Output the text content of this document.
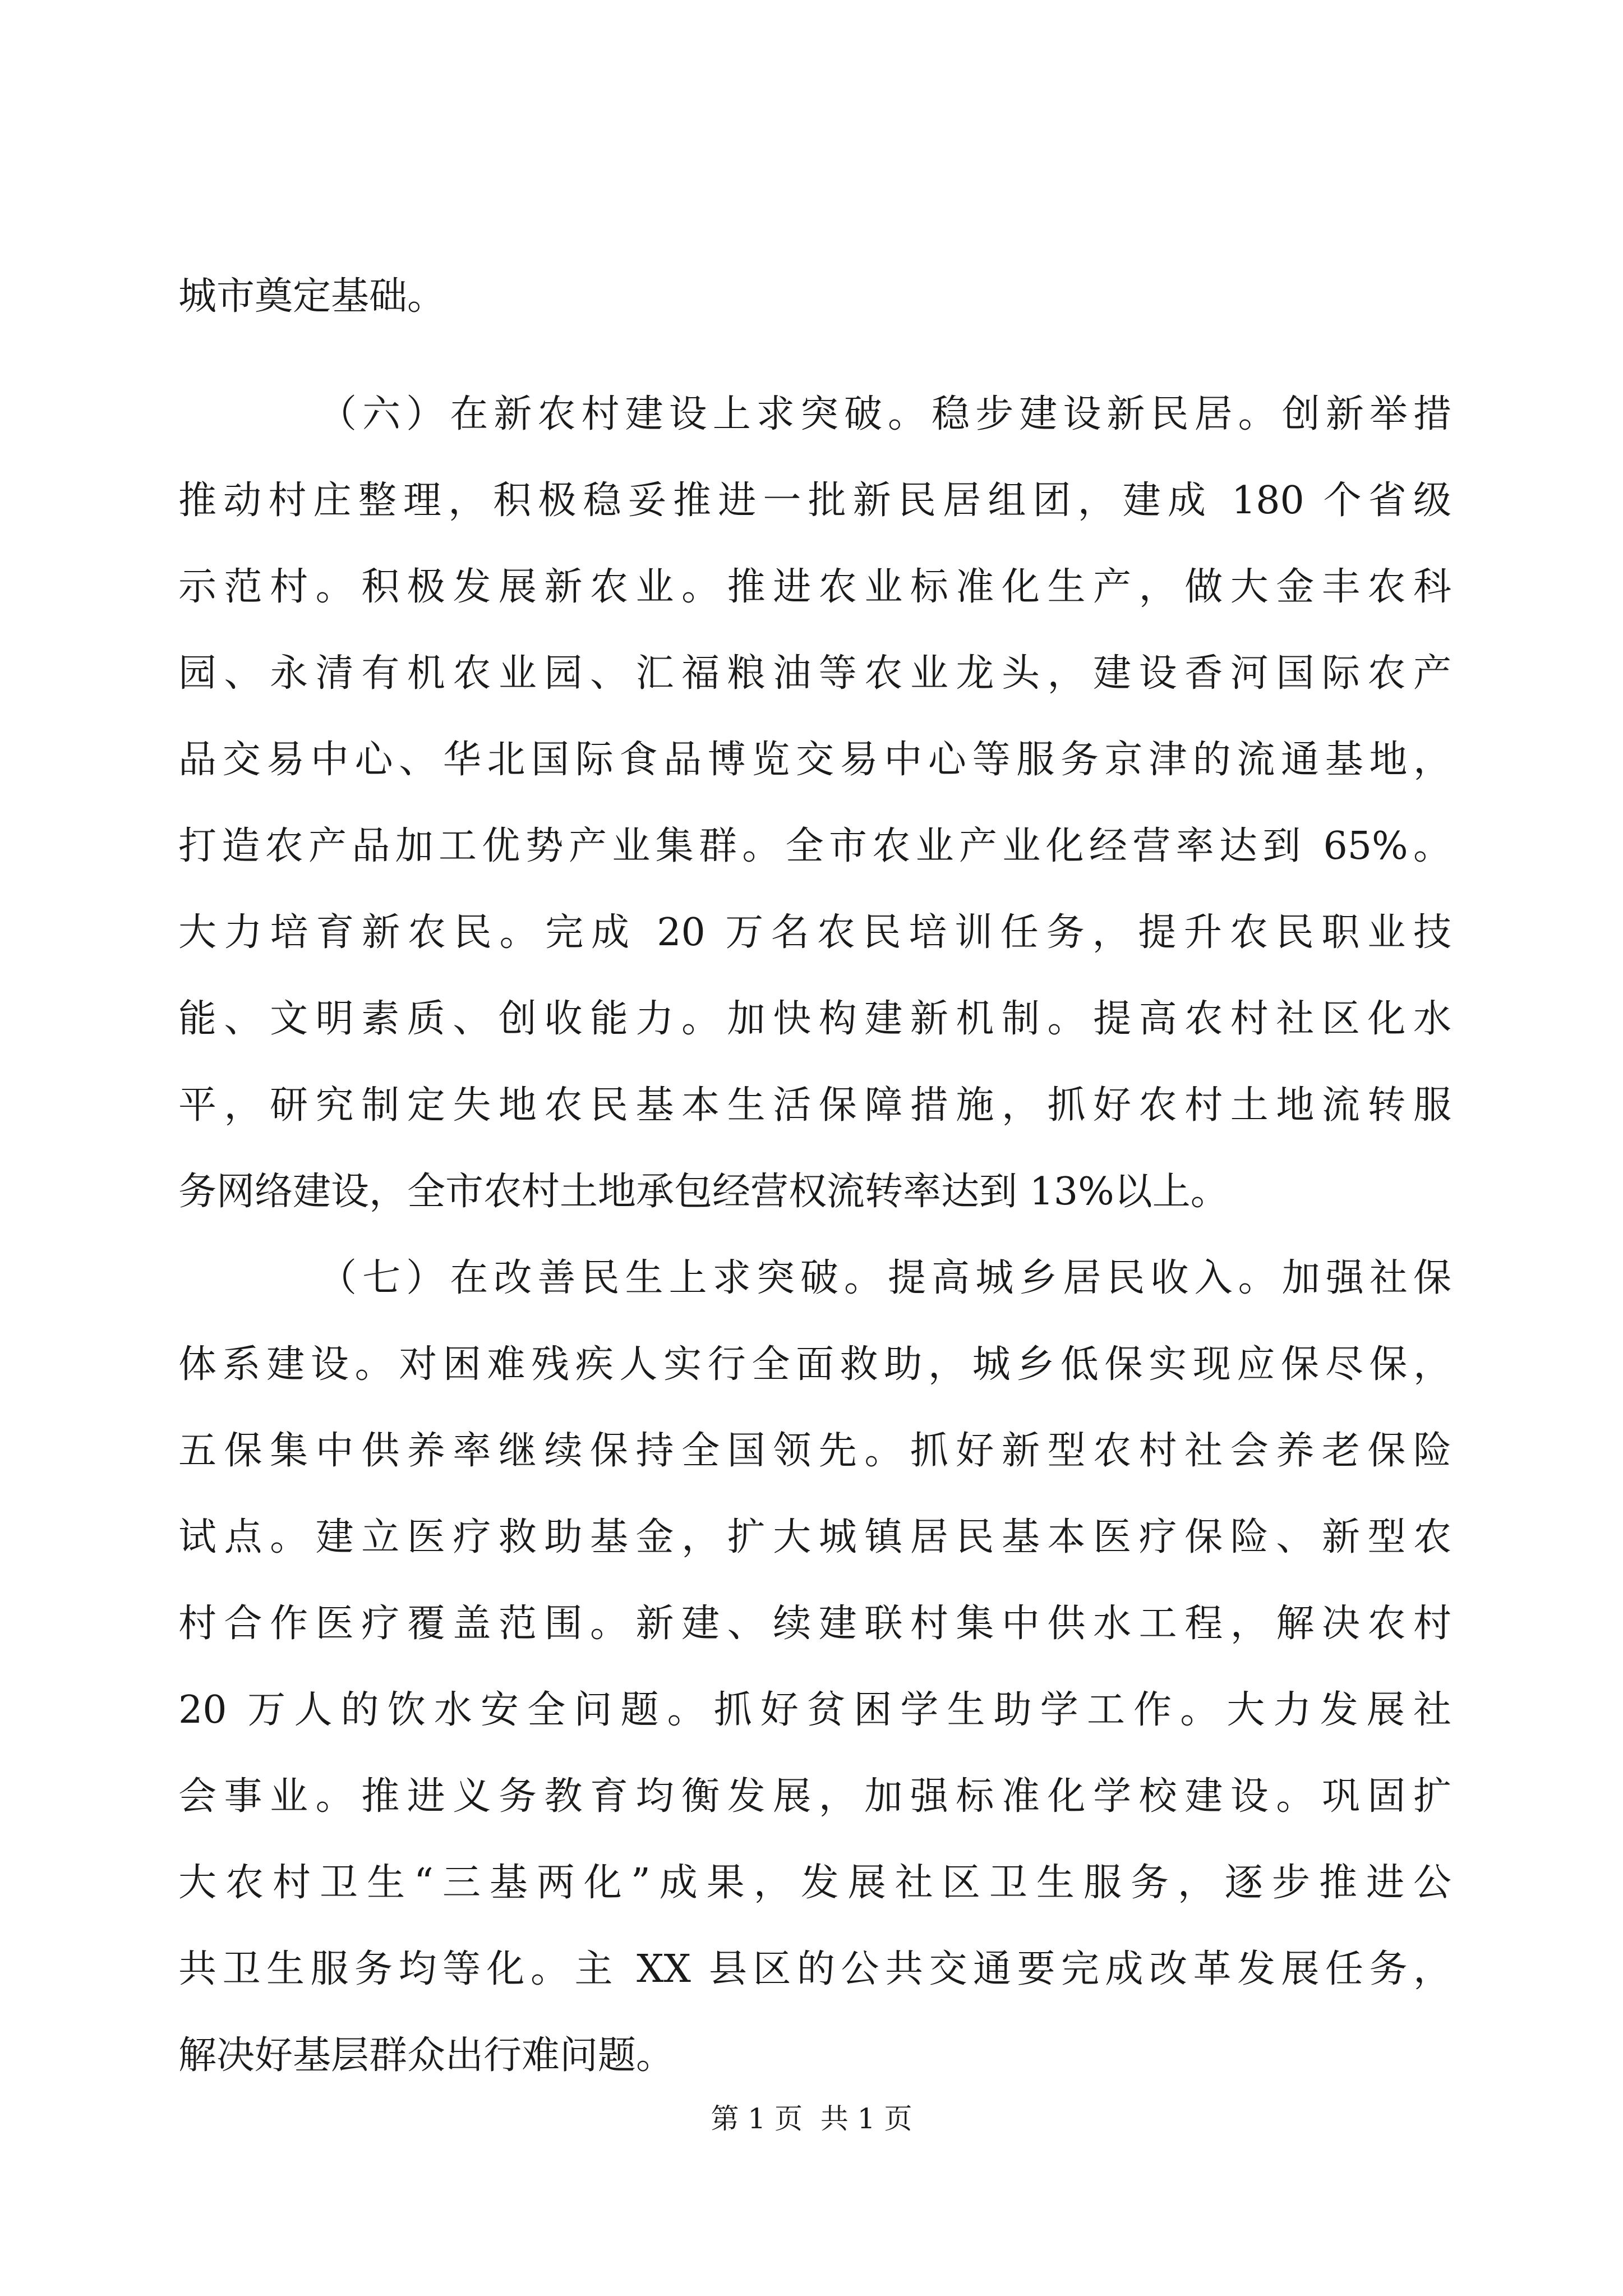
城市奠定基础。
（六）在新农村建设上求突破。稳步建设新民居。创新举措
推动村庄整理，积极稳妥推进一批新民居组团，建成 180 个省级
示范村。积极发展新农业。推进农业标准化生产，做大金丰农科
园、永清有机农业园、汇福粮油等农业龙头，建设香河国际农产
品交易中心、华北国际食品博览交易中心等服务京津的流通基地，
打造农产品加工优势产业集群。全市农业产业化经营率达到 65%。
大力培育新农民。完成 20 万名农民培训任务，提升农民职业技
能、文明素质、创收能力。加快构建新机制。提高农村社区化水
平，研究制定失地农民基本生活保障措施，抓好农村土地流转服
务网络建设，全市农村土地承包经营权流转率达到 13%以上。
（七）在改善民生上求突破。提高城乡居民收入。加强社保
体系建设。对困难残疾人实行全面救助，城乡低保实现应保尽保，
五保集中供养率继续保持全国领先。抓好新型农村社会养老保险
试点。建立医疗救助基金，扩大城镇居民基本医疗保险、新型农
村合作医疗覆盖范围。新建、续建联村集中供水工程，解决农村
20 万人的饮水安全问题。抓好贫困学生助学工作。大力发展社
会事业。推进义务教育均衡发展，加强标准化学校建设。巩固扩
大农村卫生“三基两化”成果，发展社区卫生服务，逐步推进公
共卫生服务均等化。主 XX 县区的公共交通要完成改革发展任务，
解决好基层群众出行难问题。
第 1 页  共 1 页
